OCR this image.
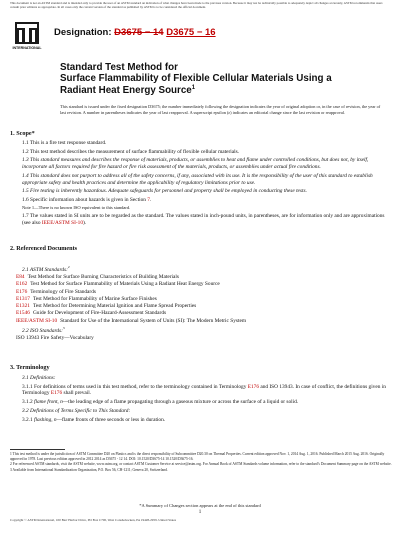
This document is not an ASTM standard and is intended only to provide the user of an ASTM standard an indication of what changes have been made to the previous version. Because it may not be technically possible to adequately depict all changes accurately, ASTM recommends that users consult prior editions as appropriate. In all cases only the current version of the standard as published by ASTM is to be considered the official document.
INTERNATIONAL
Designation: D3675 − 14 D3675 − 16
Standard Test Method for
Surface Flammability of Flexible Cellular Materials Using a
Radiant Heat Energy Source$^1$
This standard is issued under the fixed designation D3675; the number immediately following the designation indicates the year of original adoption or, in the case of revision, the year of last revision. A number in parentheses indicates the year of last reapproval. A superscript epsilon (ε) indicates an editorial change since the last revision or reapproval.
1. Scope*
1.1 This is a fire test response standard.
1.2 This test method describes the measurement of surface flammability of flexible cellular materials.
1.3 This standard measures and describes the response of materials, products, or assemblies to heat and flame under controlled conditions, but does not, by itself, incorporate all factors required for fire hazard or fire risk assessment of the materials, products, or assemblies under actual fire conditions.
1.4 This standard does not purport to address all of the safety concerns, if any, associated with its use. It is the responsibility of the user of this standard to establish appropriate safety and health practices and determine the applicability of regulatory limitations prior to use.
1.5 Fire testing is inherently hazardous. Adequate safeguards for personnel and property shall be employed in conducting these tests.
1.6 Specific information about hazards is given in Section 7.
Note 1—There is no known ISO equivalent to this standard.
1.7 The values stated in SI units are to be regarded as the standard. The values stated in inch-pound units, in parentheses, are for information only and are approximations (see also IEEE/ASTM SI-10).
2. Referenced Documents
2.1 ASTM Standards:$^2$
E84 Test Method for Surface Burning Characteristics of Building Materials
E162 Test Method for Surface Flammability of Materials Using a Radiant Heat Energy Source
E176 Terminology of Fire Standards
E1317 Test Method for Flammability of Marine Surface Finishes
E1321 Test Method for Determining Material Ignition and Flame Spread Properties
E1546 Guide for Development of Fire-Hazard-Assessment Standards
IEEE/ASTM SI-10 Standard for Use of the International System of Units (SI): The Modern Metric System
2.2 ISO Standards:$^3$
ISO 13943 Fire Safety—Vocabulary
3. Terminology
3.1 Definitions:
3.1.1 For definitions of terms used in this test method, refer to the terminology contained in Terminology E176 and ISO 13943. In case of conflict, the definitions given in Terminology E176 shall prevail.
3.1.2 flame front, n—the leading edge of a flame propagating through a gaseous mixture or across the surface of a liquid or solid.
3.2 Definitions of Terms Specific to This Standard:
3.2.1 flashing, n—flame fronts of three seconds or less in duration.
1 This test method is under the jurisdiction of ASTM Committee D20 on Plastics and is the direct responsibility of Subcommittee D20.30 on Thermal Properties. Current edition approved Nov. 1, 2014 Aug. 1, 2016. Published March 2015 Aug. 2016. Originally approved in 1978. Last previous edition approved in 2012 2014 as D3675 - 12 14. DOI: 10.1520/D3675-14 10.1520/D3675-16.
2 For referenced ASTM standards, visit the ASTM website, www.astm.org, or contact ASTM Customer Service at service@astm.org. For Annual Book of ASTM Standards volume information, refer to the standard’s Document Summary page on the ASTM website.
3 Available from International Standardization Organization, P.O. Box 56, CH-1211; Geneva 20, Switzerland.
*A Summary of Changes section appears at the end of this standard
1
Copyright © ASTM International, 100 Barr Harbor Drive, PO Box C700, West Conshohocken, PA 19428-2959. United States
